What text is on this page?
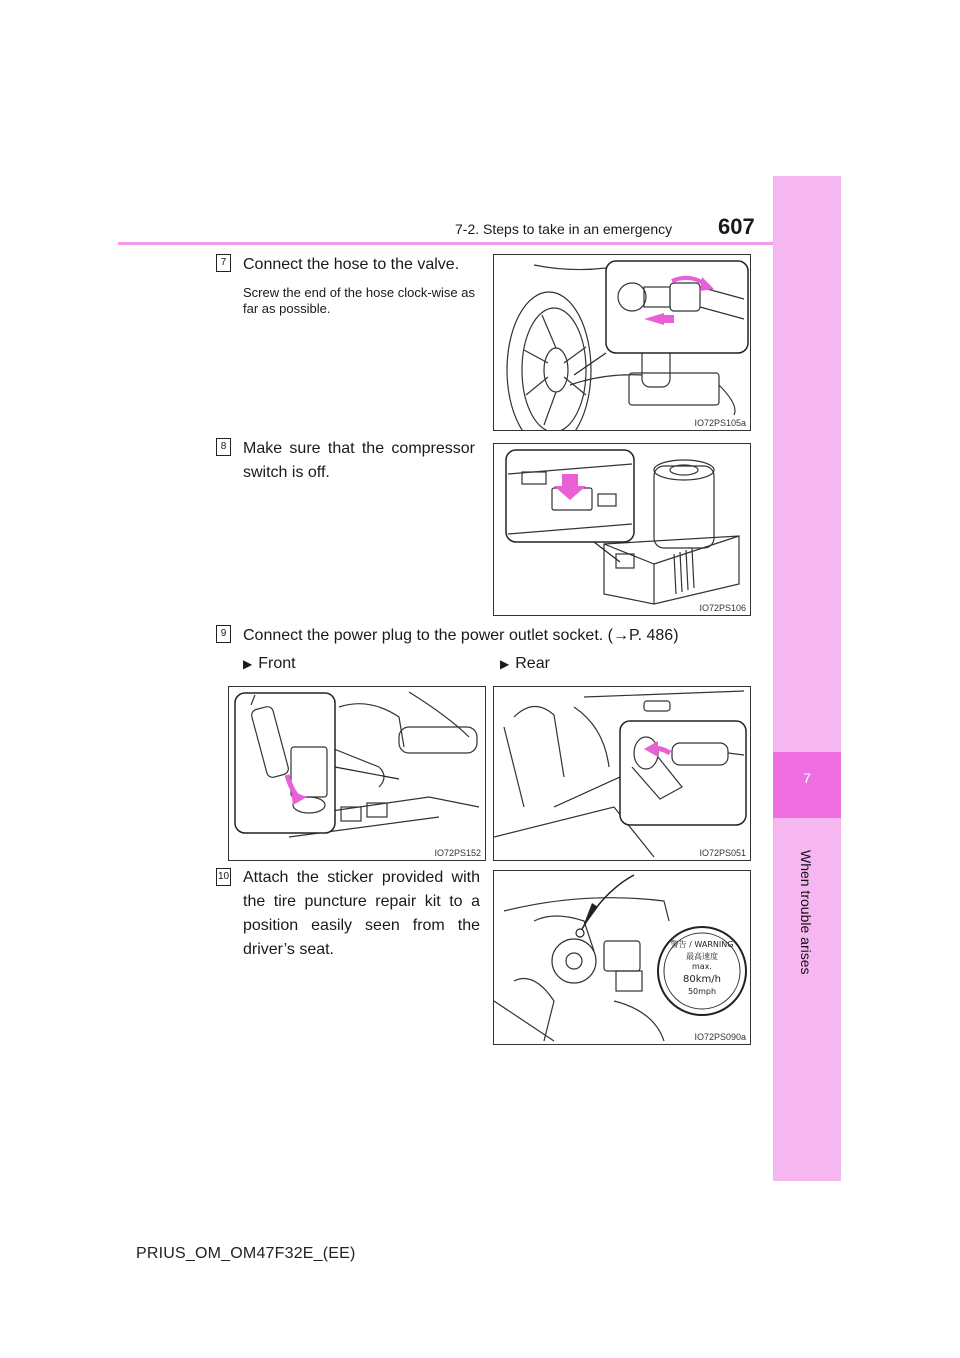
7-2. Steps to take in an emergency 607
7
When trouble arises
7 Connect the hose to the valve.
Screw the end of the hose clock-wise as far as possible.
IO72PS105a
8 Make sure that the compressor switch is off.
IO72PS106
9 Connect the power plug to the power outlet socket. (→P. 486)
▶ Front	▶ Rear
IO72PS152	IO72PS051
10 Attach the sticker provided with the tire puncture repair kit to a position easily seen from the driver’s seat.	警告 / WARNING
最高速度
max.
80km/h
50mph
IO72PS090a
PRIUS_OM_OM47F32E_(EE)
